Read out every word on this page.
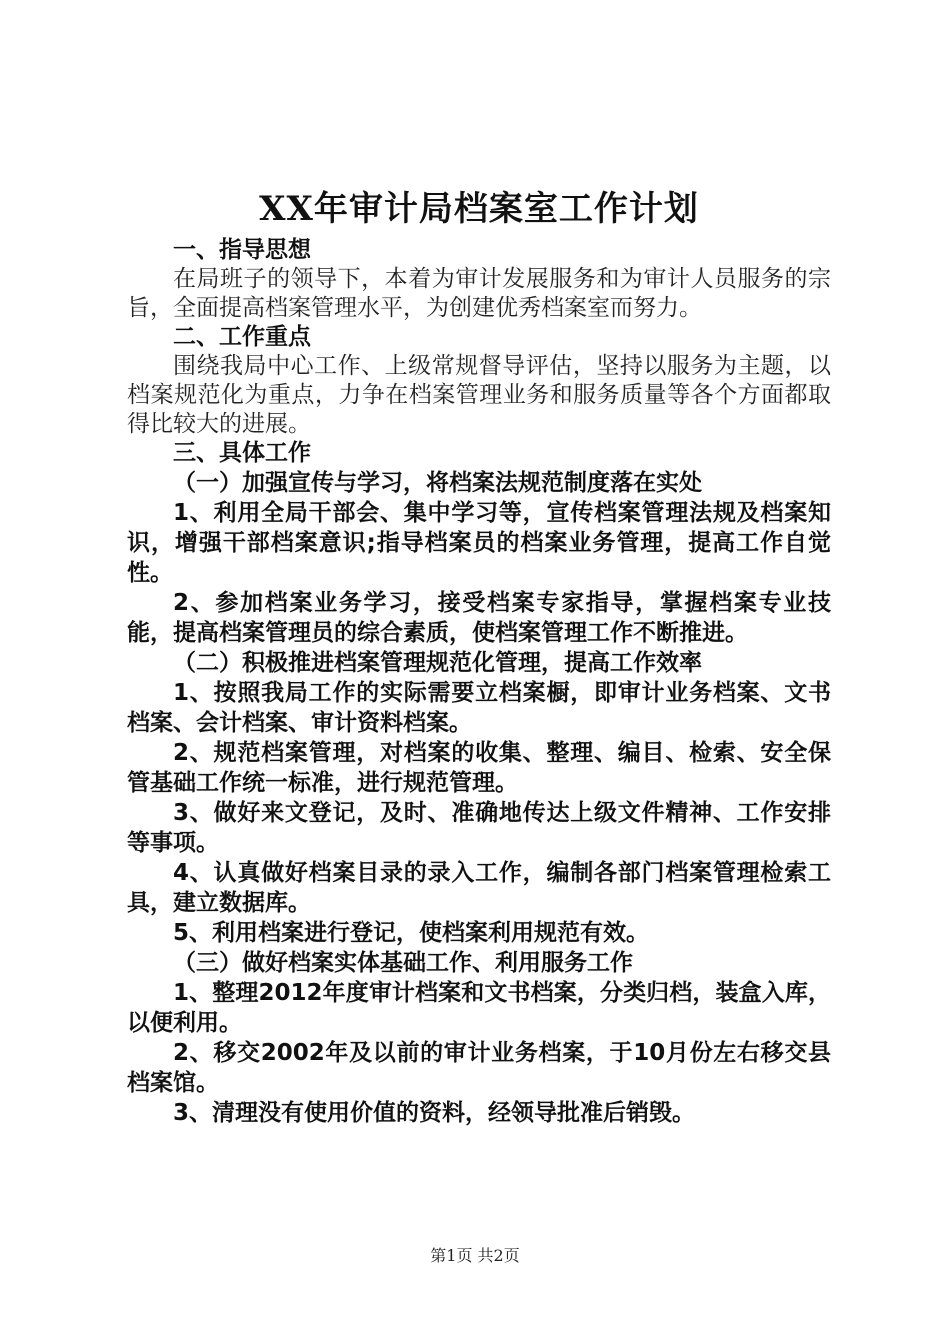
XX年审计局档案室工作计划

一、指导思想

在局班子的领导下，本着为审计发展服务和为审计人员服务的宗旨，全面提高档案管理水平，为创建优秀档案室而努力。

二、工作重点

围绕我局中心工作、上级常规督导评估，坚持以服务为主题，以档案规范化为重点，力争在档案管理业务和服务质量等各个方面都取得比较大的进展。

三、具体工作

（一）加强宣传与学习，将档案法规范制度落在实处

1、利用全局干部会、集中学习等，宣传档案管理法规及档案知识，增强干部档案意识;指导档案员的档案业务管理，提高工作自觉性。

2、参加档案业务学习，接受档案专家指导，掌握档案专业技能，提高档案管理员的综合素质，使档案管理工作不断推进。

（二）积极推进档案管理规范化管理，提高工作效率

1、按照我局工作的实际需要立档案橱，即审计业务档案、文书档案、会计档案、审计资料档案。

2、规范档案管理，对档案的收集、整理、编目、检索、安全保管基础工作统一标准，进行规范管理。

3、做好来文登记，及时、准确地传达上级文件精神、工作安排等事项。

4、认真做好档案目录的录入工作，编制各部门档案管理检索工具，建立数据库。

5、利用档案进行登记，使档案利用规范有效。

（三）做好档案实体基础工作、利用服务工作

1、整理2012年度审计档案和文书档案，分类归档，装盒入库，以便利用。

2、移交2002年及以前的审计业务档案，于10月份左右移交县档案馆。

3、清理没有使用价值的资料，经领导批准后销毁。

第1页 共2页
